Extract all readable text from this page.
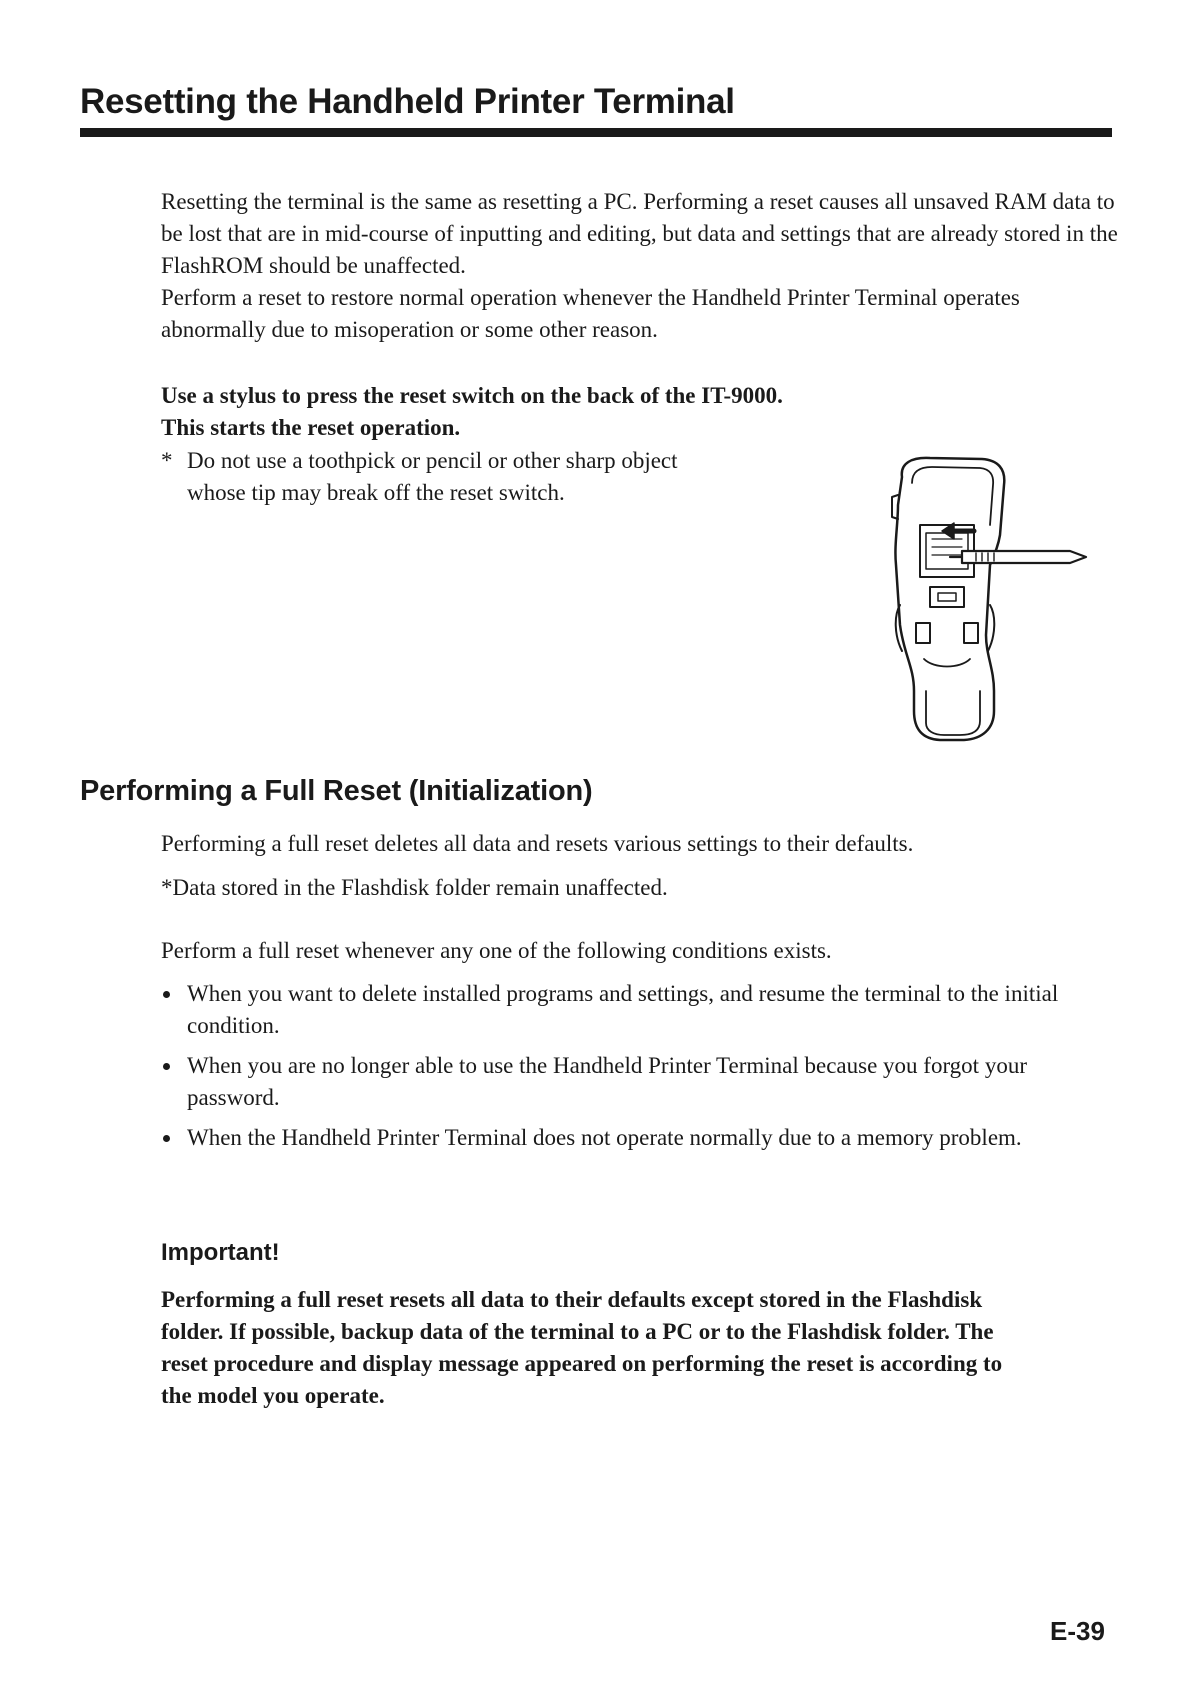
Resetting the Handheld Printer Terminal

Resetting the terminal is the same as resetting a PC. Performing a reset causes all unsaved RAM data to be lost that are in mid-course of inputting and editing, but data and settings that are already stored in the FlashROM should be unaffected.

Perform a reset to restore normal operation whenever the Handheld Printer Terminal operates abnormally due to misoperation or some other reason.

Use a stylus to press the reset switch on the back of the IT-9000.

This starts the reset operation.

* Do not use a toothpick or pencil or other sharp object whose tip may break off the reset switch.
Performing a Full Reset (Initialization)
Performing a full reset deletes all data and resets various settings to their defaults.
*Data stored in the Flashdisk folder remain unaffected.
Perform a full reset whenever any one of the following conditions exists.
When you want to delete installed programs and settings, and resume the terminal to the initial condition.
When you are no longer able to use the Handheld Printer Terminal because you forgot your password.
When the Handheld Printer Terminal does not operate normally due to a memory problem.
Important!

Performing a full reset resets all data to their defaults except stored in the Flashdisk folder. If possible, backup data of the terminal to a PC or to the Flashdisk folder. The reset procedure and display message appeared on performing the reset is according to the model you operate.

E-39
